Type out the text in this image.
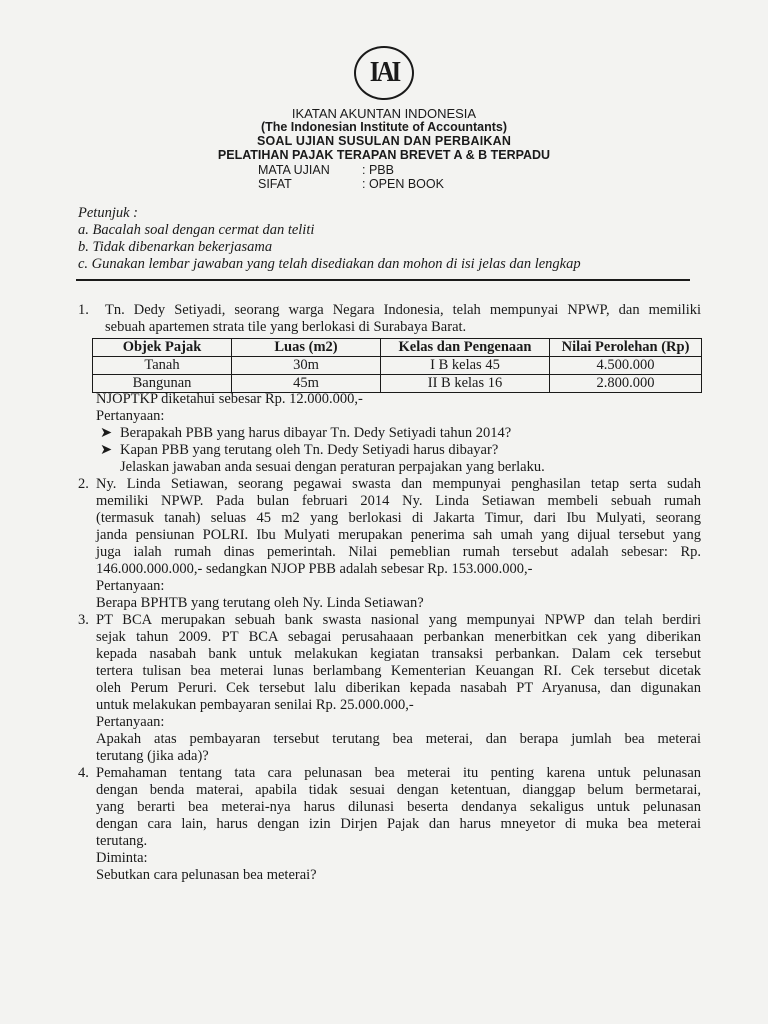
IAI
IKATAN AKUNTAN INDONESIA
(The Indonesian Institute of Accountants)
SOAL UJIAN SUSULAN DAN PERBAIKAN
PELATIHAN PAJAK TERAPAN BREVET A & B TERPADU
MATA UJIAN	: PBB
SIFAT	: OPEN BOOK
Petunjuk :
a. Bacalah soal dengan cermat dan teliti
b. Tidak dibenarkan bekerjasama
c. Gunakan lembar jawaban yang telah disediakan dan mohon di isi jelas dan lengkap
1. Tn. Dedy Setiyadi, seorang warga Negara Indonesia, telah mempunyai NPWP, dan memiliki
sebuah apartemen strata tile yang berlokasi di Surabaya Barat.
Objek Pajak	Luas (m2)	Kelas dan Pengenaan	Nilai Perolehan (Rp)
Tanah	30m	I B kelas 45	4.500.000
Bangunan	45m	II B kelas 16	2.800.000
NJOPTKP diketahui sebesar Rp. 12.000.000,-
Pertanyaan:
➤ Berapakah PBB yang harus dibayar Tn. Dedy Setiyadi tahun 2014?
➤ Kapan PBB yang terutang oleh Tn. Dedy Setiyadi harus dibayar?
Jelaskan jawaban anda sesuai dengan peraturan perpajakan yang berlaku.
2. Ny. Linda Setiawan, seorang pegawai swasta dan mempunyai penghasilan tetap serta sudah
memiliki NPWP. Pada bulan februari 2014 Ny. Linda Setiawan membeli sebuah rumah
(termasuk tanah) seluas 45 m2 yang berlokasi di Jakarta Timur, dari Ibu Mulyati, seorang
janda pensiunan POLRI. Ibu Mulyati merupakan penerima sah umah yang dijual tersebut yang
juga ialah rumah dinas pemerintah. Nilai pemeblian rumah tersebut adalah sebesar: Rp.
146.000.000.000,- sedangkan NJOP PBB adalah sebesar Rp. 153.000.000,-
Pertanyaan:
Berapa BPHTB yang terutang oleh Ny. Linda Setiawan?
3. PT BCA merupakan sebuah bank swasta nasional yang mempunyai NPWP dan telah berdiri
sejak tahun 2009. PT BCA sebagai perusahaaan perbankan menerbitkan cek yang diberikan
kepada nasabah bank untuk melakukan kegiatan transaksi perbankan. Dalam cek tersebut
tertera tulisan bea meterai lunas berlambang Kementerian Keuangan RI. Cek tersebut dicetak
oleh Perum Peruri. Cek tersebut lalu diberikan kepada nasabah PT Aryanusa, dan digunakan
untuk melakukan pembayaran senilai Rp. 25.000.000,-
Pertanyaan:
Apakah atas pembayaran tersebut terutang bea meterai, dan berapa jumlah bea meterai
terutang (jika ada)?
4. Pemahaman tentang tata cara pelunasan bea meterai itu penting karena untuk pelunasan
dengan benda materai, apabila tidak sesuai dengan ketentuan, dianggap belum bermetarai,
yang berarti bea meterai-nya harus dilunasi beserta dendanya sekaligus untuk pelunasan
dengan cara lain, harus dengan izin Dirjen Pajak dan harus mneyetor di muka bea meterai
terutang.
Diminta:
Sebutkan cara pelunasan bea meterai?
